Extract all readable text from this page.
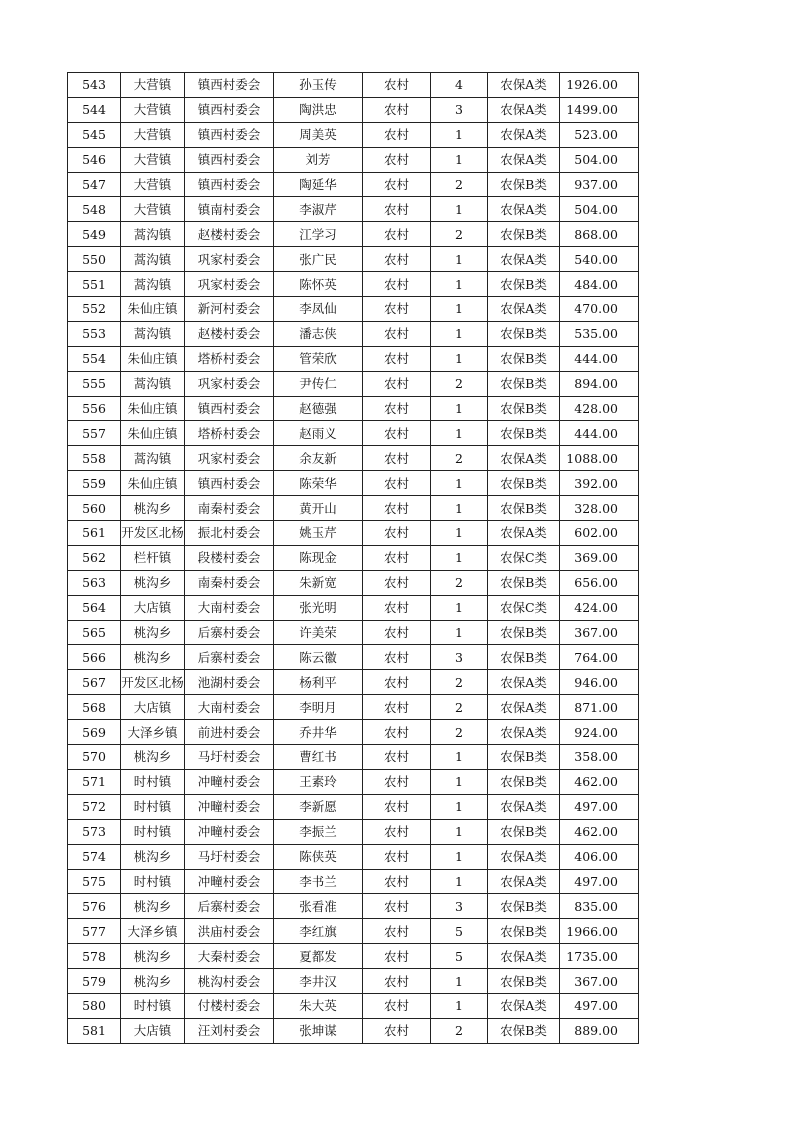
543	大营镇	镇西村委会	孙玉传	农村	4	农保A类	1926.00
544	大营镇	镇西村委会	陶洪忠	农村	3	农保A类	1499.00
545	大营镇	镇西村委会	周美英	农村	1	农保A类	523.00
546	大营镇	镇西村委会	刘芳	农村	1	农保A类	504.00
547	大营镇	镇西村委会	陶延华	农村	2	农保B类	937.00
548	大营镇	镇南村委会	李淑芹	农村	1	农保A类	504.00
549	蒿沟镇	赵楼村委会	江学习	农村	2	农保B类	868.00
550	蒿沟镇	巩家村委会	张广民	农村	1	农保A类	540.00
551	蒿沟镇	巩家村委会	陈怀英	农村	1	农保B类	484.00
552	朱仙庄镇	新河村委会	李凤仙	农村	1	农保A类	470.00
553	蒿沟镇	赵楼村委会	潘志侠	农村	1	农保B类	535.00
554	朱仙庄镇	塔桥村委会	管荣欣	农村	1	农保B类	444.00
555	蒿沟镇	巩家村委会	尹传仁	农村	2	农保B类	894.00
556	朱仙庄镇	镇西村委会	赵德强	农村	1	农保B类	428.00
557	朱仙庄镇	塔桥村委会	赵雨义	农村	1	农保B类	444.00
558	蒿沟镇	巩家村委会	余友新	农村	2	农保A类	1088.00
559	朱仙庄镇	镇西村委会	陈荣华	农村	1	农保B类	392.00
560	桃沟乡	南秦村委会	黄开山	农村	1	农保B类	328.00
561	开发区北杨	振北村委会	姚玉芹	农村	1	农保A类	602.00
562	栏杆镇	段楼村委会	陈现金	农村	1	农保C类	369.00
563	桃沟乡	南秦村委会	朱新宽	农村	2	农保B类	656.00
564	大店镇	大南村委会	张光明	农村	1	农保C类	424.00
565	桃沟乡	后寨村委会	许美荣	农村	1	农保B类	367.00
566	桃沟乡	后寨村委会	陈云徽	农村	3	农保B类	764.00
567	开发区北杨	池湖村委会	杨利平	农村	2	农保A类	946.00
568	大店镇	大南村委会	李明月	农村	2	农保A类	871.00
569	大泽乡镇	前进村委会	乔井华	农村	2	农保A类	924.00
570	桃沟乡	马圩村委会	曹红书	农村	1	农保B类	358.00
571	时村镇	冲疃村委会	王素玲	农村	1	农保B类	462.00
572	时村镇	冲疃村委会	李新愿	农村	1	农保A类	497.00
573	时村镇	冲疃村委会	李振兰	农村	1	农保B类	462.00
574	桃沟乡	马圩村委会	陈侠英	农村	1	农保A类	406.00
575	时村镇	冲疃村委会	李书兰	农村	1	农保A类	497.00
576	桃沟乡	后寨村委会	张看准	农村	3	农保B类	835.00
577	大泽乡镇	洪庙村委会	李红旗	农村	5	农保B类	1966.00
578	桃沟乡	大秦村委会	夏都发	农村	5	农保A类	1735.00
579	桃沟乡	桃沟村委会	李井汉	农村	1	农保B类	367.00
580	时村镇	付楼村委会	朱大英	农村	1	农保A类	497.00
581	大店镇	汪刘村委会	张坤谋	农村	2	农保B类	889.00
